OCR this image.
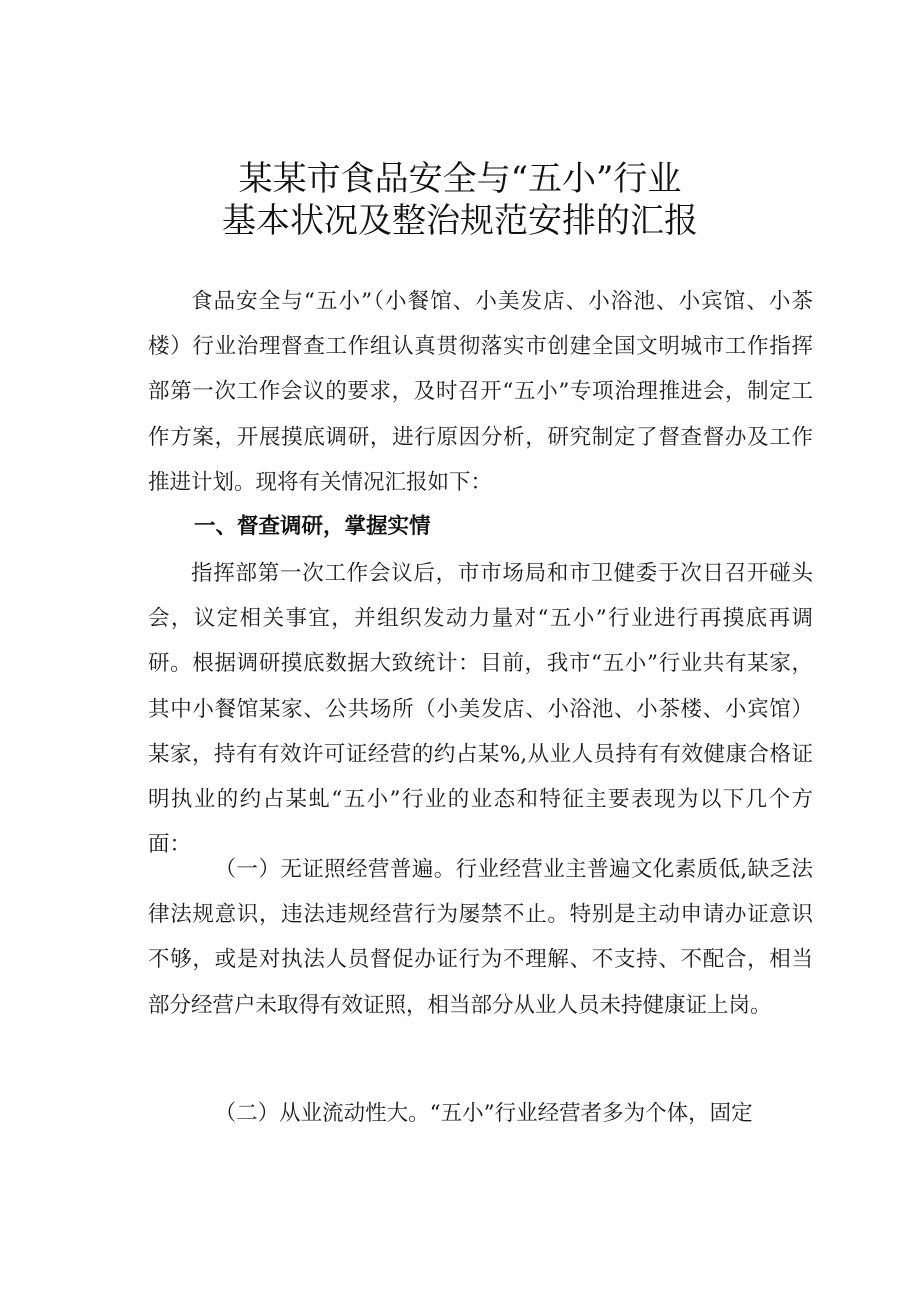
某某市食品安全与“五小”行业
基本状况及整治规范安排的汇报

食品安全与“五小”（小餐馆、小美发店、小浴池、小宾馆、小茶楼）行业治理督查工作组认真贯彻落实市创建全国文明城市工作指挥部第一次工作会议的要求，及时召开“五小”专项治理推进会，制定工作方案，开展摸底调研，进行原因分析，研究制定了督查督办及工作推进计划。现将有关情况汇报如下：

一、督查调研，掌握实情

指挥部第一次工作会议后，市市场局和市卫健委于次日召开碰头会，议定相关事宜，并组织发动力量对“五小”行业进行再摸底再调研。根据调研摸底数据大致统计：目前，我市“五小”行业共有某家，其中小餐馆某家、公共场所（小美发店、小浴池、小茶楼、小宾馆）某家，持有有效许可证经营的约占某%,从业人员持有有效健康合格证明执业的约占某虬“五小”行业的业态和特征主要表现为以下几个方面：

（一）无证照经营普遍。行业经营业主普遍文化素质低,缺乏法律法规意识，违法违规经营行为屡禁不止。特别是主动申请办证意识不够，或是对执法人员督促办证行为不理解、不支持、不配合，相当部分经营户未取得有效证照，相当部分从业人员未持健康证上岗。

（二）从业流动性大。“五小”行业经营者多为个体，固定
